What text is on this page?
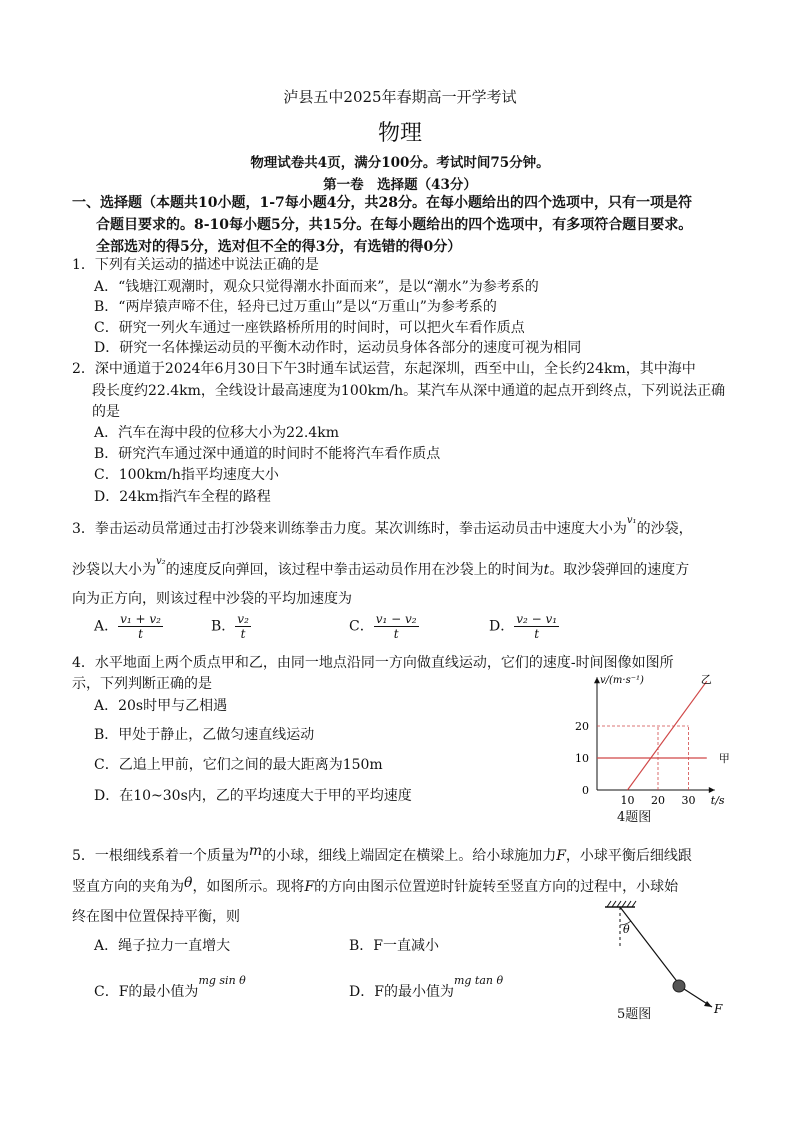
泸县五中2025年春期高一开学考试
物理
物理试卷共4页，满分100分。考试时间75分钟。
第一卷　选择题（43分）
一、选择题（本题共10小题，1-7每小题4分，共28分。在每小题给出的四个选项中，只有一项是符
合题目要求的。8-10每小题5分，共15分。在每小题给出的四个选项中，有多项符合题目要求。
全部选对的得5分，选对但不全的得3分，有选错的得0分）
1．下列有关运动的描述中说法正确的是
A．“钱塘江观潮时，观众只觉得潮水扑面而来”，是以“潮水”为参考系的
B．“两岸猿声啼不住，轻舟已过万重山”是以“万重山”为参考系的
C．研究一列火车通过一座铁路桥所用的时间时，可以把火车看作质点
D．研究一名体操运动员的平衡木动作时，运动员身体各部分的速度可视为相同
2．深中通道于2024年6月30日下午3时通车试运营，东起深圳，西至中山，全长约24km，其中海中
段长度约22.4km，全线设计最高速度为100km/h。某汽车从深中通道的起点开到终点，下列说法正确
的是
A．汽车在海中段的位移大小为22.4km
B．研究汽车通过深中通道的时间时不能将汽车看作质点
C．100km/h指平均速度大小
D．24km指汽车全程的路程
3．拳击运动员常通过击打沙袋来训练拳击力度。某次训练时，拳击运动员击中速度大小为$^{v_1}$的沙袋，
沙袋以大小为$^{v_2}$的速度反向弹回，该过程中拳击运动员作用在沙袋上的时间为t。取沙袋弹回的速度方
向为正方向，则该过程中沙袋的平均加速度为
A． $\frac{\text{v₁ + v₂}}{t}$	B． $\frac{\text{v₂}}{t}$	C． $\frac{\text{v₁ − v₂}}{t}$	D． $\frac{\text{v₂ − v₁}}{t}$
4．水平地面上两个质点甲和乙，由同一地点沿同一方向做直线运动，它们的速度-时间图像如图所
示，下列判断正确的是
A．20s时甲与乙相遇
B．甲处于静止，乙做匀速直线运动
C．乙追上甲前，它们之间的最大距离为150m
D．在10~30s内，乙的平均速度大于甲的平均速度
v/(m·s⁻¹)
t/s
0
10
20
10 20 30
甲
乙
4题图
5．一根细线系着一个质量为m的小球，细线上端固定在横梁上。给小球施加力F，小球平衡后细线跟
竖直方向的夹角为θ，如图所示。现将F的方向由图示位置逆时针旋转至竖直方向的过程中，小球始
终在图中位置保持平衡，则
A．绳子拉力一直增大	B．F一直减小
C．F的最小值为$^{mg sin \theta}$
D．F的最小值为$^{mg tan \theta}$
θ
F
5题图
